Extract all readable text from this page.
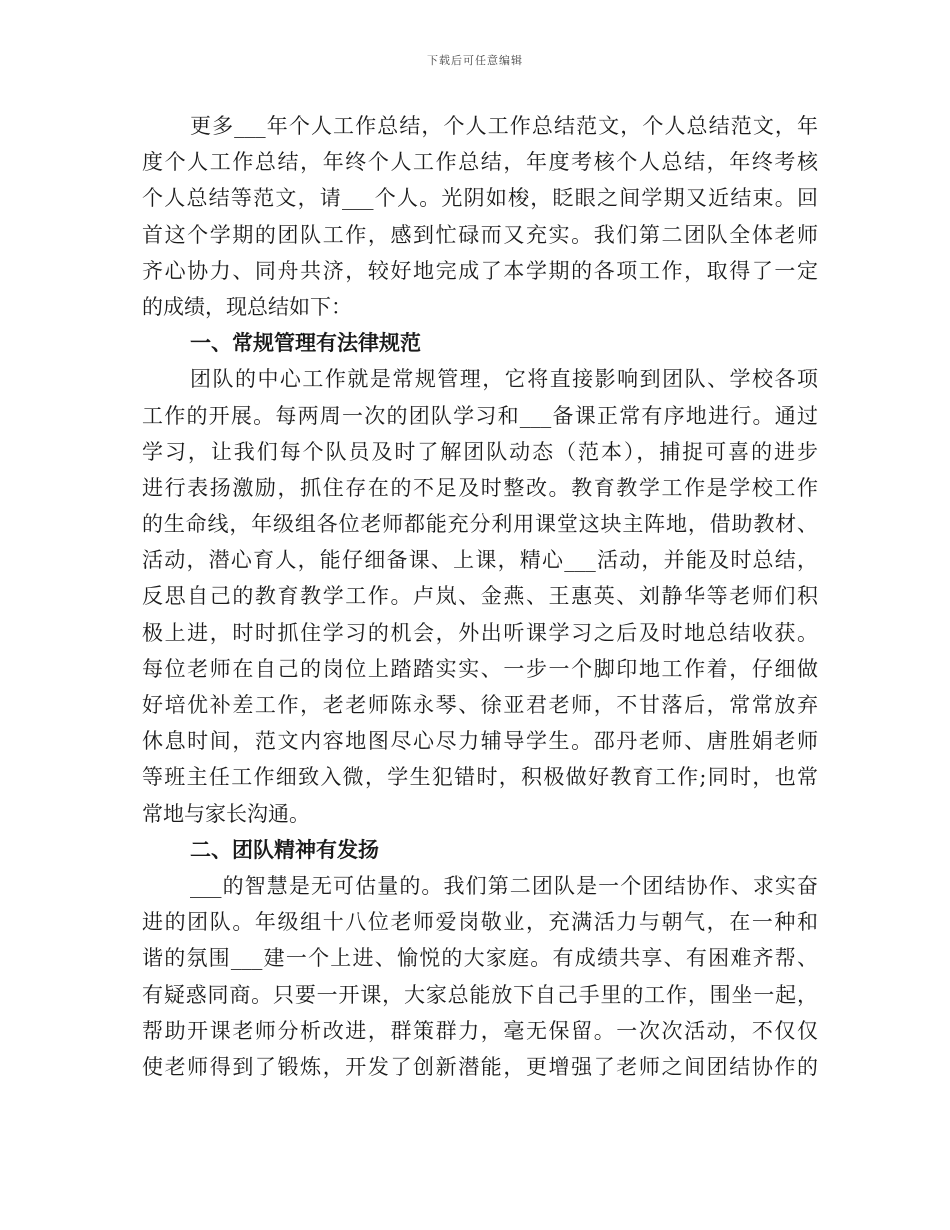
下载后可任意编辑
更多___年个人工作总结，个人工作总结范文，个人总结范文，年
度个人工作总结，年终个人工作总结，年度考核个人总结，年终考核
个人总结等范文，请___个人。光阴如梭，眨眼之间学期又近结束。回
首这个学期的团队工作，感到忙碌而又充实。我们第二团队全体老师
齐心协力、同舟共济，较好地完成了本学期的各项工作，取得了一定
的成绩，现总结如下：
一、常规管理有法律规范
团队的中心工作就是常规管理，它将直接影响到团队、学校各项
工作的开展。每两周一次的团队学习和___备课正常有序地进行。通过
学习，让我们每个队员及时了解团队动态（范本），捕捉可喜的进步
进行表扬激励，抓住存在的不足及时整改。教育教学工作是学校工作
的生命线，年级组各位老师都能充分利用课堂这块主阵地，借助教材、
活动，潜心育人，能仔细备课、上课，精心___活动，并能及时总结，
反思自己的教育教学工作。卢岚、金燕、王惠英、刘静华等老师们积
极上进，时时抓住学习的机会，外出听课学习之后及时地总结收获。
每位老师在自己的岗位上踏踏实实、一步一个脚印地工作着，仔细做
好培优补差工作，老老师陈永琴、徐亚君老师，不甘落后，常常放弃
休息时间，范文内容地图尽心尽力辅导学生。邵丹老师、唐胜娟老师
等班主任工作细致入微，学生犯错时，积极做好教育工作;同时，也常
常地与家长沟通。
二、团队精神有发扬
___的智慧是无可估量的。我们第二团队是一个团结协作、求实奋
进的团队。年级组十八位老师爱岗敬业，充满活力与朝气，在一种和
谐的氛围___建一个上进、愉悦的大家庭。有成绩共享、有困难齐帮、
有疑惑同商。只要一开课，大家总能放下自己手里的工作，围坐一起，
帮助开课老师分析改进，群策群力，毫无保留。一次次活动，不仅仅
使老师得到了锻炼，开发了创新潜能，更增强了老师之间团结协作的
